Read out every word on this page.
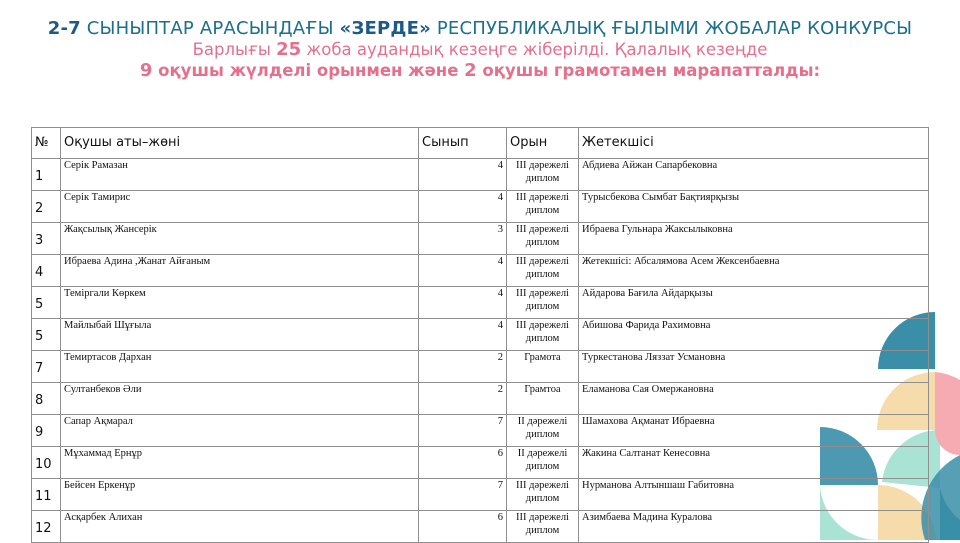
2-7 СЫНЫПТАР АРАСЫНДАҒЫ «ЗЕРДЕ» РЕСПУБЛИКАЛЫҚ ҒЫЛЫМИ ЖОБАЛАР КОНКУРСЫ
Барлығы 25 жоба аудандық кезеңге жіберілді. Қалалық кезеңде
9 оқушы жүлделі орынмен және 2 оқушы грамотамен марапатталды:
№	Оқушы аты–жөні	Сынып	Орын	Жетекшісі
1	Серік Рамазан	4	ІІІ дәрежелі диплом	Абдиева Айжан Сапарбековна
2	Серік Тамирис	4	ІІІ дәрежелі диплом	Турысбекова Сымбат Бақтиярқызы
3	Жақсылық Жансерік	3	ІІІ дәрежелі диплом	Ибраева Гульнара Жаксылыковна
4	Ибраева Адина ,Жанат Айғаным	4	ІІІ дәрежелі диплом	Жетекшісі: Абсалямова Асем Жексенбаевна
5	Теміргали Көркем	4	ІІІ дәрежелі диплом	Айдарова Бағила Айдарқызы
5	Майлыбай Шұғыла	4	ІІІ дәрежелі диплом	Абишова Фарида Рахимовна
7	Темиртасов Дархан	2	Грамота	Туркестанова Ляззат Усмановна
8	Султанбеков Әли	2	Грамтоа	Еламанова Сая Омержановна
9	Сапар Ақмарал	7	ІІ дәрежелі диплом	Шамахова Ақманат Ибраевна
10	Мұхаммад Ернұр	6	ІІ дәрежелі диплом	Жакина Салтанат Кенесовна
11	Бейсен Еркенұр	7	ІІІ дәрежелі диплом	Нурманова Алтыншаш Габитовна
12	Асқарбек Алихан	6	ІІІ дәрежелі диплом	Азимбаева Мадина Куралова
